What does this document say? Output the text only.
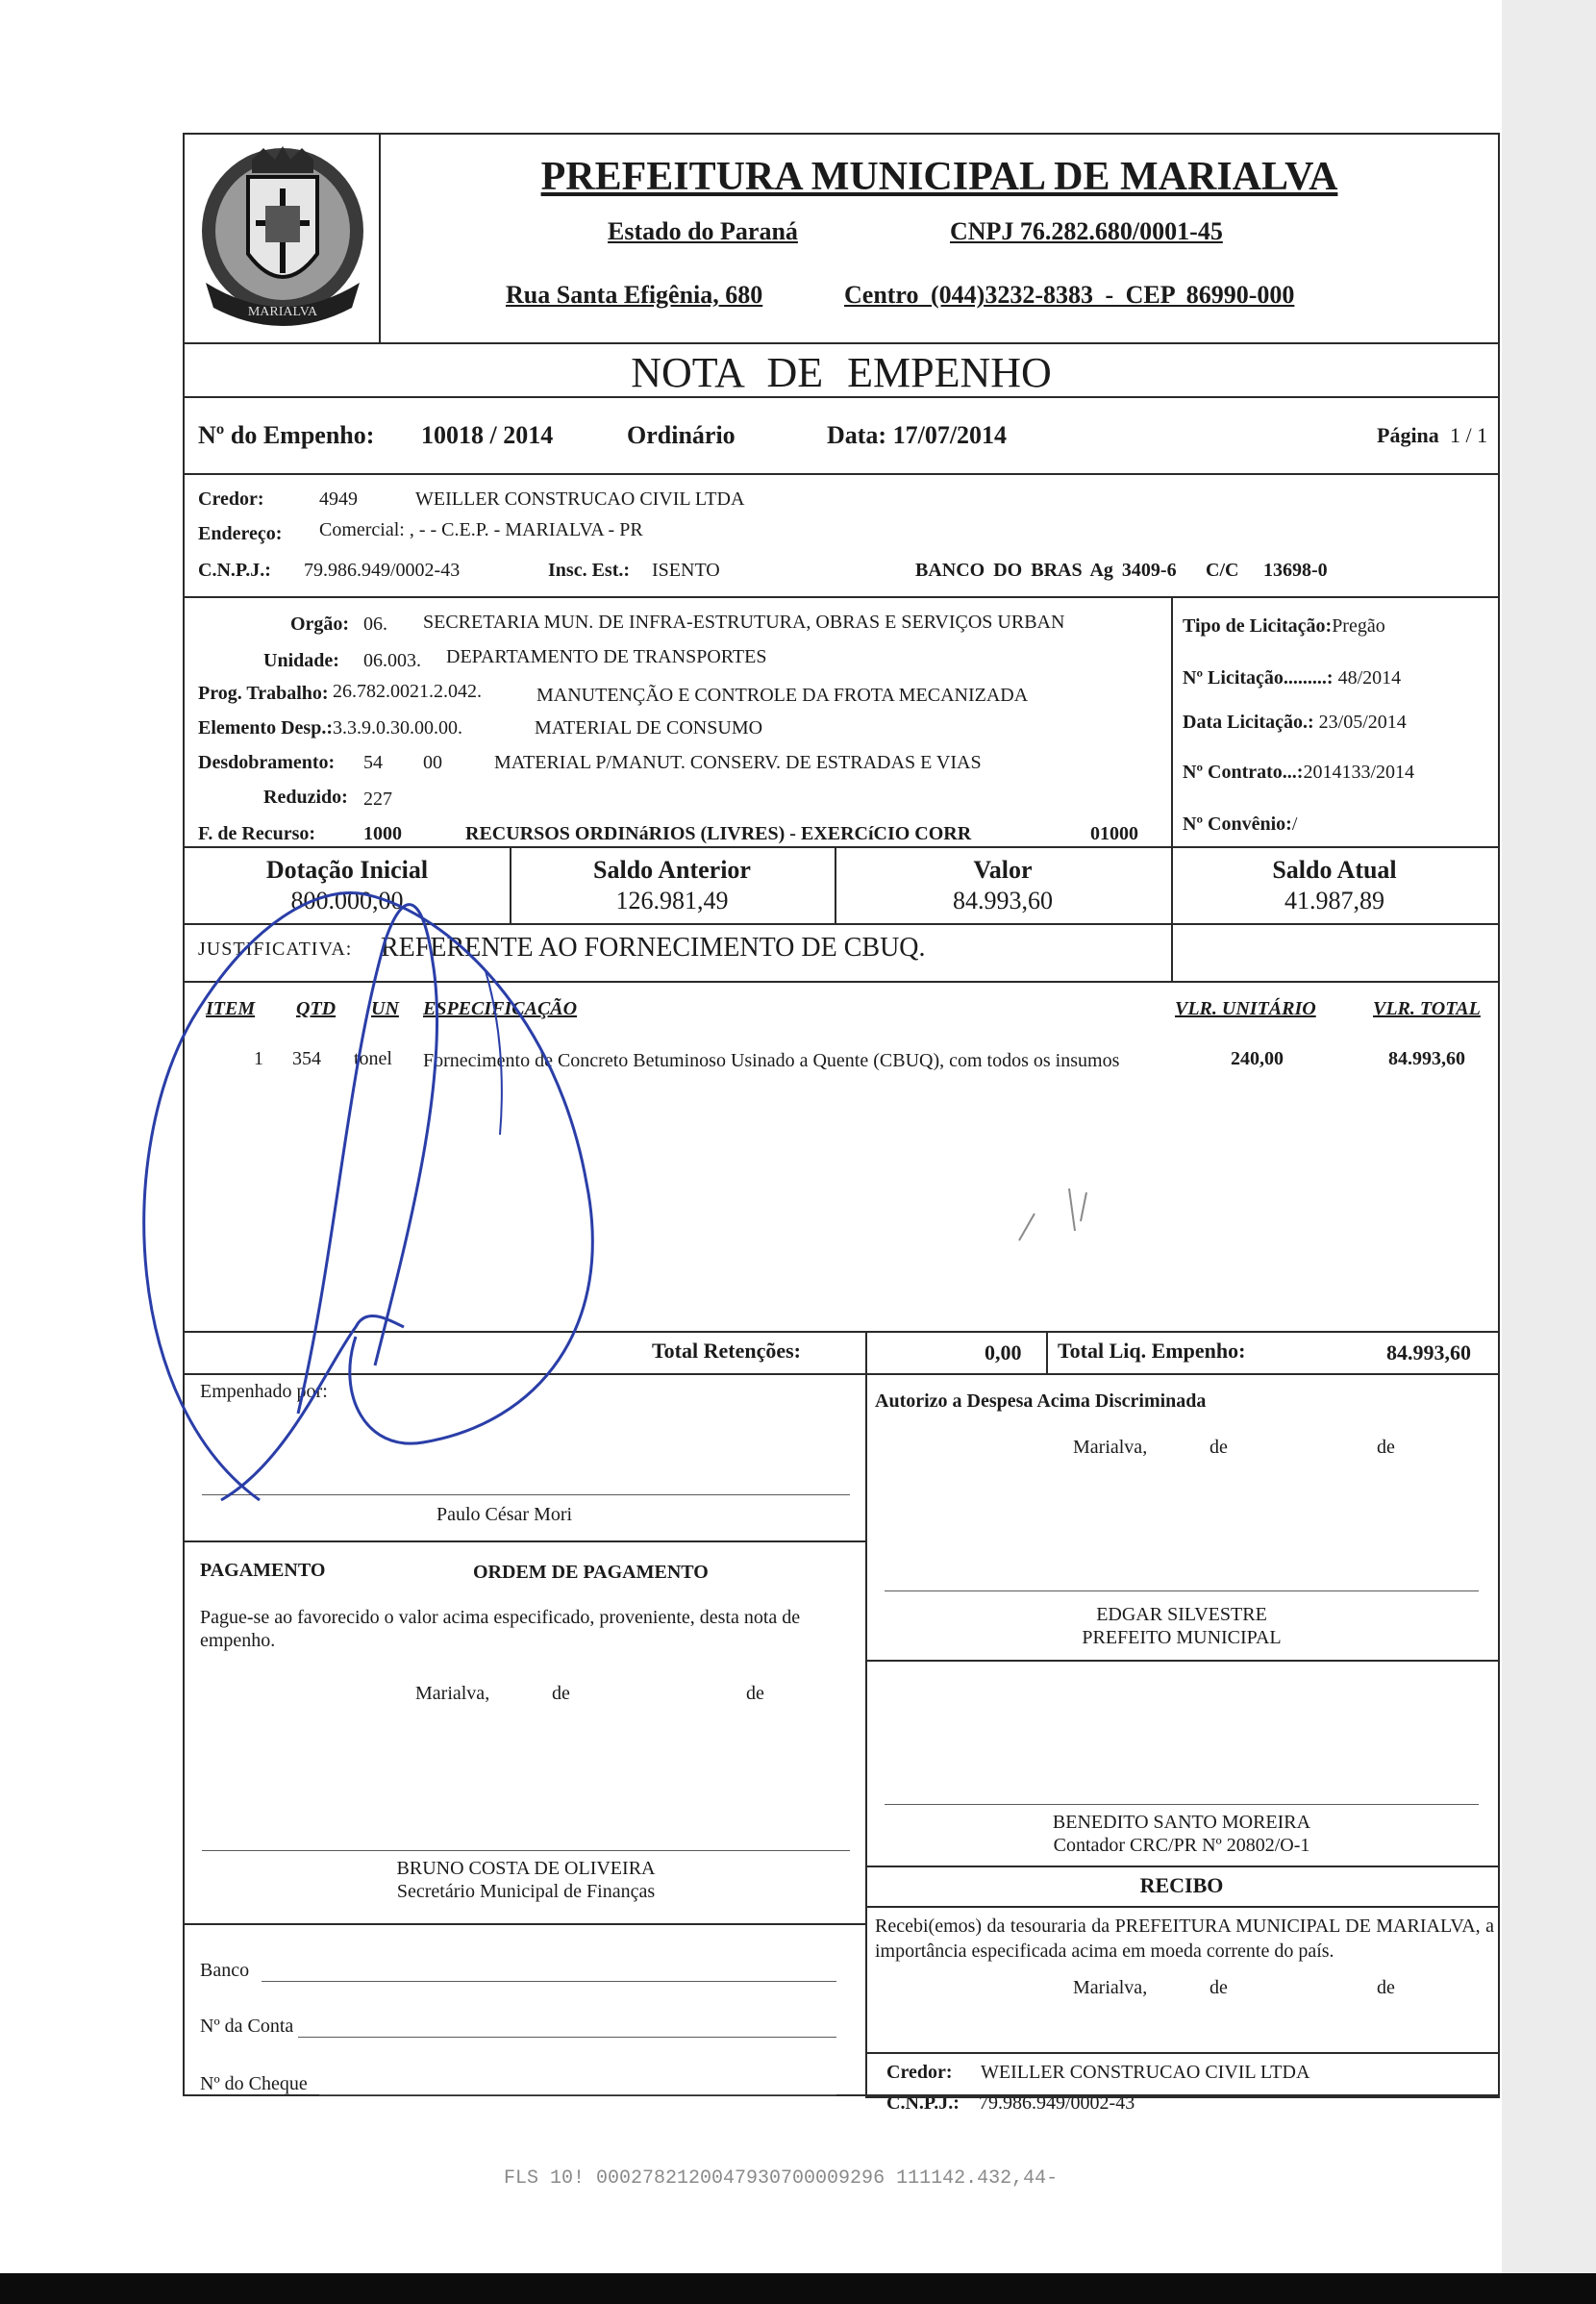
MARIALVA
PREFEITURA MUNICIPAL DE MARIALVA
Estado do Paraná	CNPJ 76.282.680/0001-45
Rua Santa Efigênia, 680	Centro (044)3232-8383 - CEP 86990-000
NOTA DE EMPENHO
Nº do Empenho: 10018 / 2014	Ordinário	Data: 17/07/2014	Página 1 / 1
Credor:	4949	WEILLER CONSTRUCAO CIVIL LTDA
Endereço: Comercial: , - - C.E.P. - MARIALVA - PR
C.N.P.J.: 79.986.949/0002-43	Insc. Est.: ISENTO	BANCO DO BRAS Ag 3409-6 C/C 13698-0
Orgão: 06. SECRETARIA MUN. DE INFRA-ESTRUTURA, OBRAS E SERVIÇOS URBAN
Unidade: 06.003. DEPARTAMENTO DE TRANSPORTES
Prog. Trabalho: 26.782.0021.2.042.	MANUTENÇÃO E CONTROLE DA FROTA MECANIZADA
Elemento Desp.: 3.3.9.0.30.00.00.	MATERIAL DE CONSUMO
Desdobramento: 54 00	MATERIAL P/MANUT. CONSERV. DE ESTRADAS E VIAS
Reduzido: 227
F. de Recurso: 1000	RECURSOS ORDINáRIOS (LIVRES) - EXERCíCIO CORR	01000
Tipo de Licitação:Pregão
Nº Licitação.........: 48/2014
Data Licitação.: 23/05/2014
Nº Contrato...:2014133/2014
Nº Convênio:/
Dotação Inicial
800.000,00
Saldo Anterior
126.981,49
Valor
84.993,60
Saldo Atual
41.987,89
JUSTIFICATIVA: REFERENTE AO FORNECIMENTO DE CBUQ.
ITEM QTD UN ESPECIFICAÇÃO	VLR. UNITÁRIO	VLR. TOTAL
1 354 tonel Fornecimento de Concreto Betuminoso Usinado a Quente (CBUQ), com todos os insumos	240,00	84.993,60
Total Retenções:	0,00 Total Liq. Empenho:	84.993,60
Empenhado por:
Paulo César Mori
Autorizo a Despesa Acima Discriminada
Marialva,	de	de
EDGAR SILVESTRE
PREFEITO MUNICIPAL
PAGAMENTO	ORDEM DE PAGAMENTO
Pague-se ao favorecido o valor acima especificado, proveniente, desta nota de empenho.
Marialva,	de	de
BRUNO COSTA DE OLIVEIRA
Secretário Municipal de Finanças
BENEDITO SANTO MOREIRA
Contador CRC/PR Nº 20802/O-1
RECIBO
Recebi(emos) da tesouraria da PREFEITURA MUNICIPAL DE MARIALVA, a importância especificada acima em moeda corrente do país.
Marialva,	de	de
Banco
Nº da Conta
Nº do Cheque
Credor: WEILLER CONSTRUCAO CIVIL LTDA
C.N.P.J.: 79.986.949/0002-43
FLS 10! 0002782120047930700009296 111142.432,44-
